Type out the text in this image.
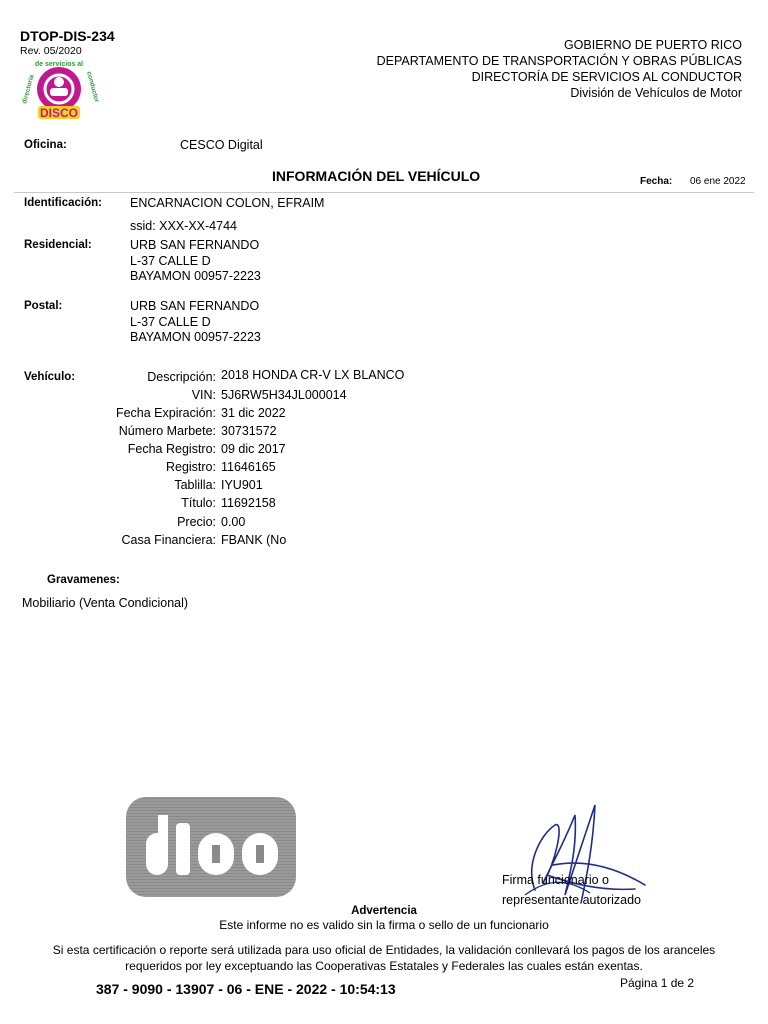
DTOP-DIS-234
Rev. 05/2020
de servicios al
directoría	conductor
DISCO
GOBIERNO DE PUERTO RICO
DEPARTAMENTO DE TRANSPORTACIÓN Y OBRAS PÚBLICAS
DIRECTORÍA DE SERVICIOS AL CONDUCTOR
División de Vehículos de Motor
Oficina:	CESCO Digital
INFORMACIÓN DEL VEHÍCULO	Fecha: 06 ene 2022
Identificación: ENCARNACION COLON, EFRAIM
ssid: XXX-XX-4744
Residencial:	URB SAN FERNANDO
L-37 CALLE D
BAYAMON 00957-2223
Postal:	URB SAN FERNANDO
L-37 CALLE D
BAYAMON 00957-2223
Vehículo:	Descripción: 2018 HONDA CR-V LX BLANCO
VIN: 5J6RW5H34JL000014
Fecha Expiración: 31 dic 2022
Número Marbete: 30731572
Fecha Registro: 09 dic 2017
Registro: 11646165
Tablilla: IYU901
Título: 11692158
Precio: 0.00
Casa Financiera: FBANK (No
Gravamenes:
Mobiliario (Venta Condicional)
dtop
Firma funcionario o representante autorizado
Advertencia
Este informe no es valido sin la firma o sello de un funcionario
Si esta certificación o reporte será utilizada para uso oficial de Entidades, la validación conllevará los pagos de los aranceles requeridos por ley exceptuando las Cooperativas Estatales y Federales las cuales están exentas.
387 - 9090 - 13907 - 06 - ENE - 2022 - 10:54:13	Página 1 de 2
